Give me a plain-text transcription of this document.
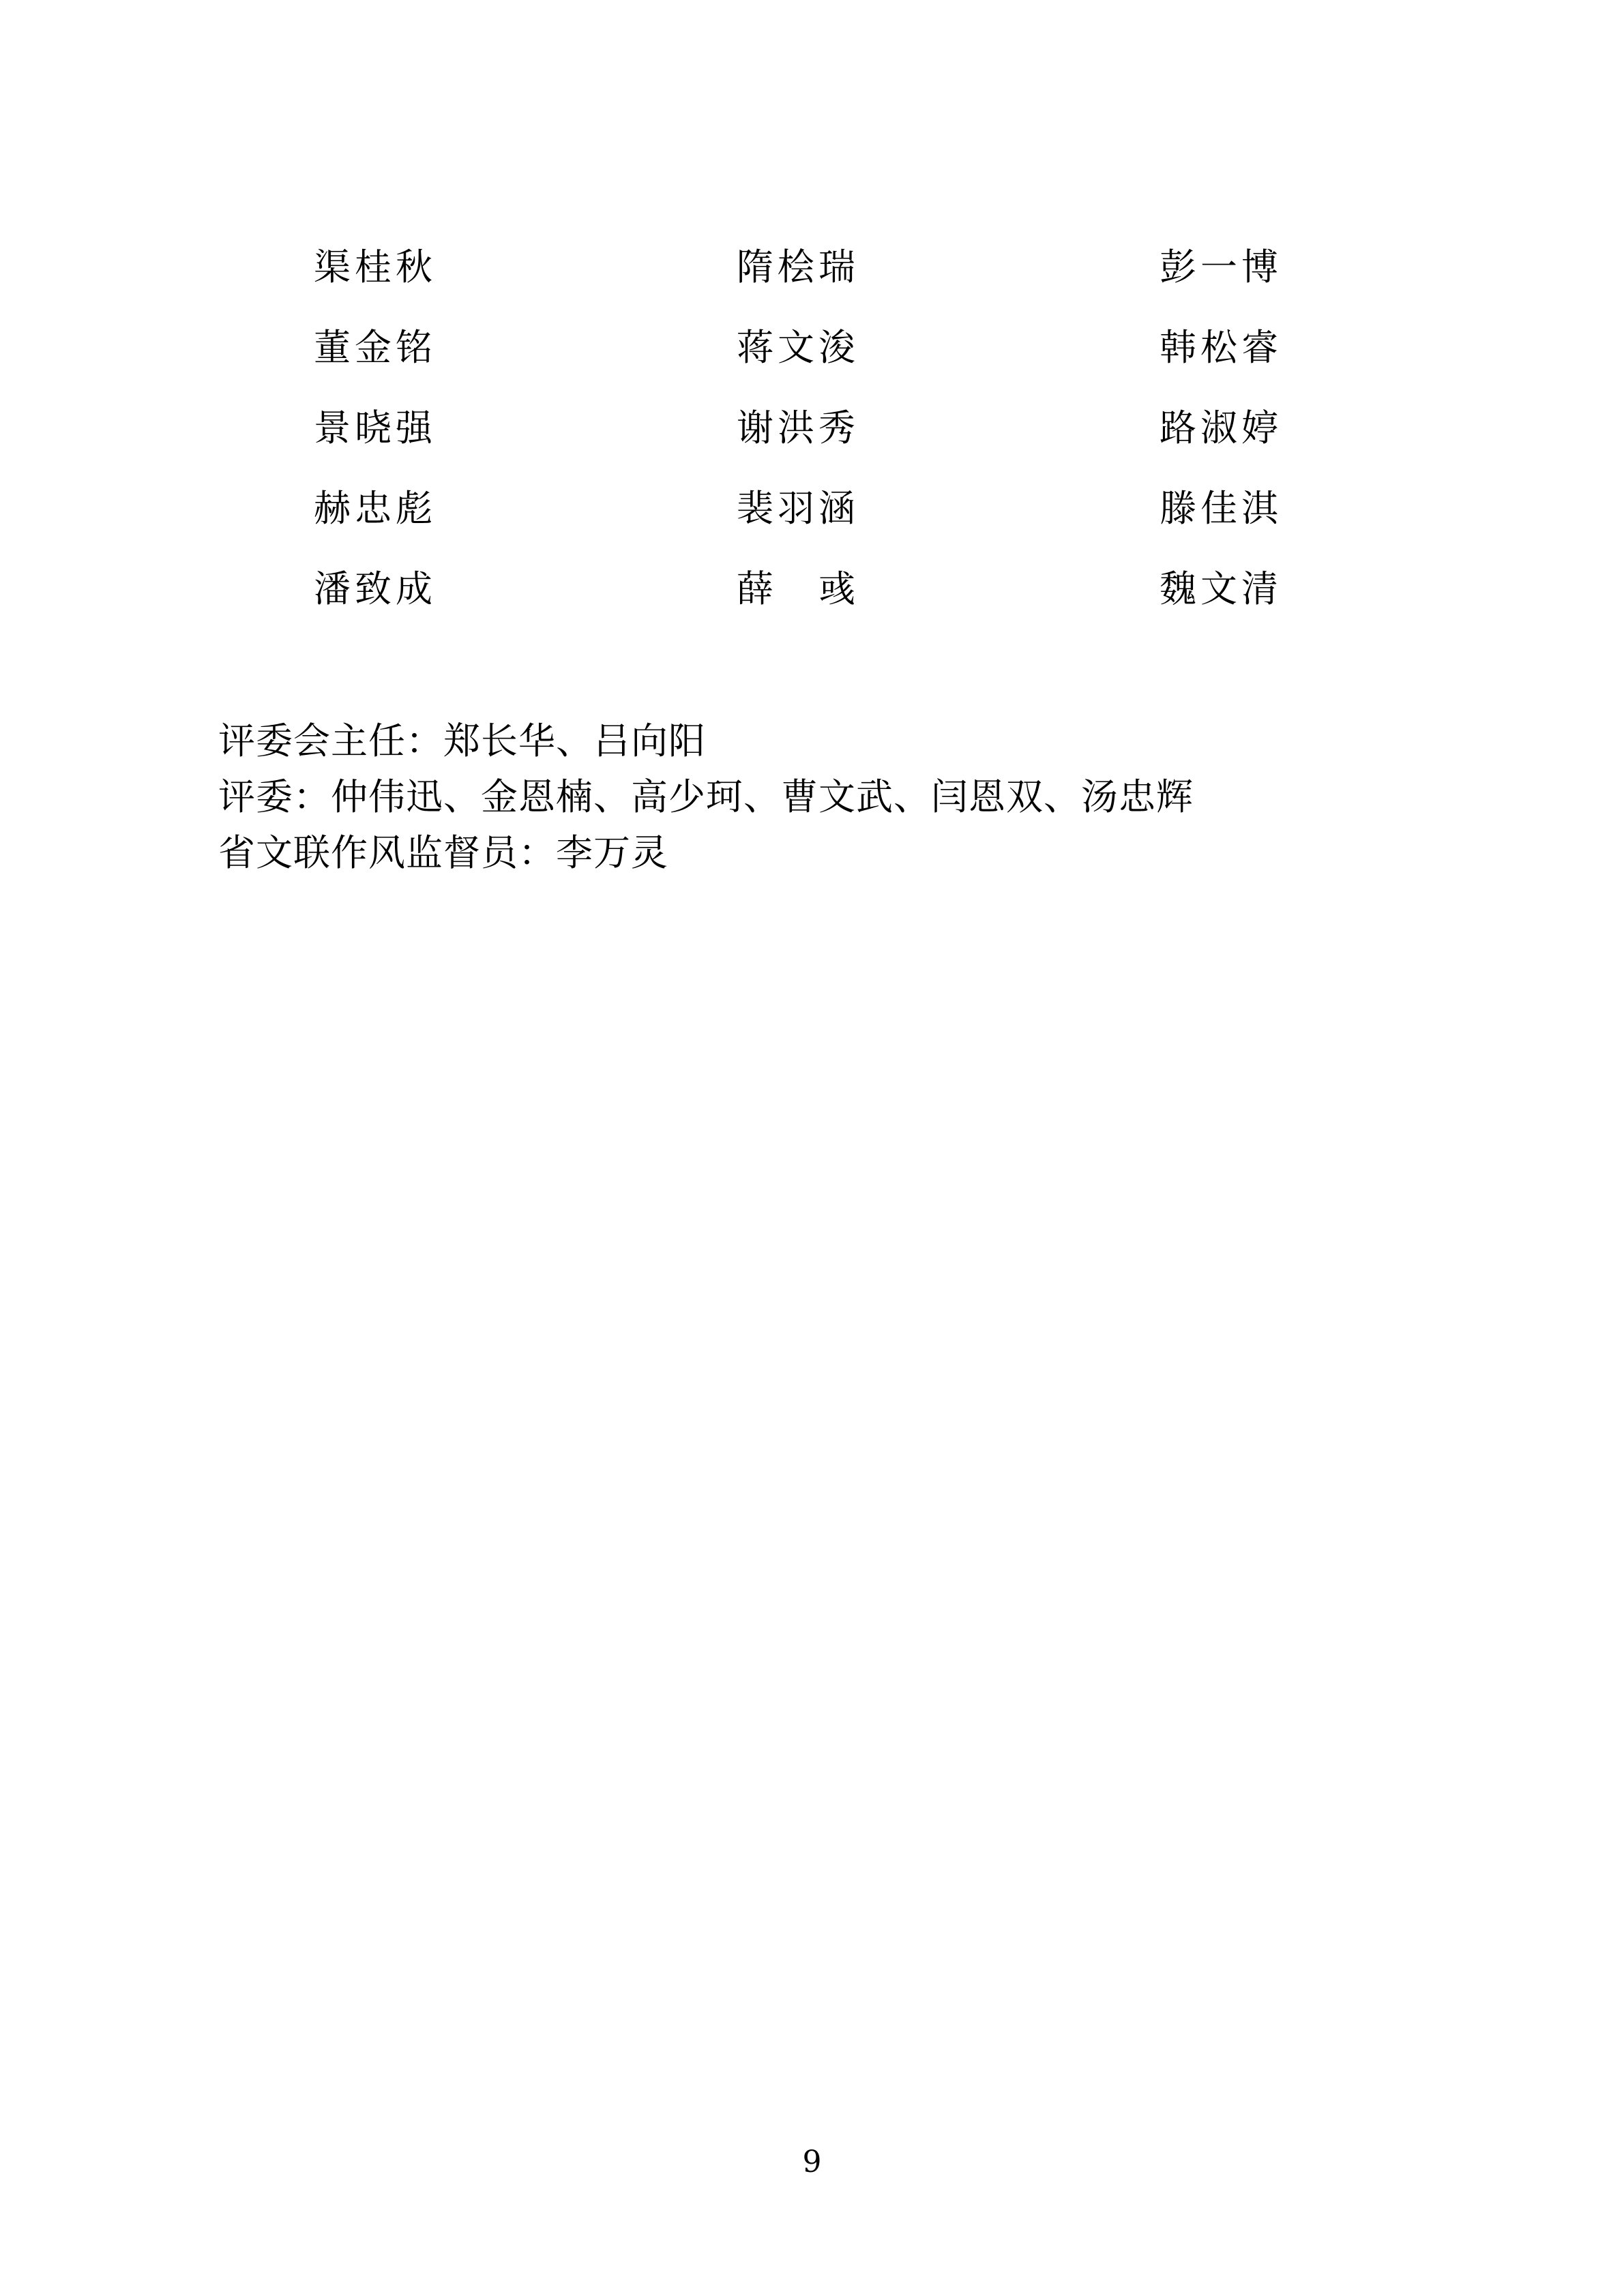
渠桂秋	隋桧瑞	彭一博
董金铭	蒋文浚	韩松睿
景晓强	谢洪秀	路淑婷
赫忠彪	裴羽涵	滕佳淇
潘致成	薛　彧	魏文清
评委会主任：郑长华、吕向阳
评委：仲伟迅、金恩楠、高少珂、曹文武、闫恩双、汤忠辉
省文联作风监督员：李万灵
9
